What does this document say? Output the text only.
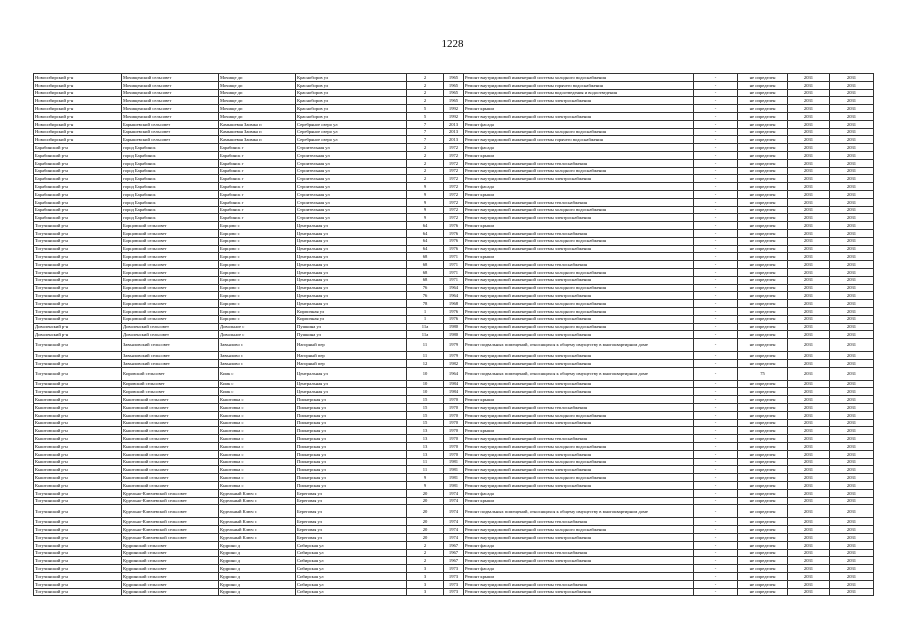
1228
Новосибирский р-н	Мочищенский сельсовет	Мочище дп	Красноборов ул	2	1965	Ремонт внутридомовой инженерной системы холодного водоснабжения	-	не определен	2031	2031
Новосибирский р-н	Мочищенский сельсовет	Мочище дп	Красноборов ул	2	1965	Ремонт внутридомовой инженерной системы горячего водоснабжения	-	не определен	2031	2031
Новосибирский р-н	Мочищенский сельсовет	Мочище дп	Красноборов ул	2	1965	Ремонт внутридомовой инженерной системы водоотведения и водоотведения	-	не определен	2031	2031
Новосибирский р-н	Мочищенский сельсовет	Мочище дп	Красноборов ул	2	1965	Ремонт внутридомовой инженерной системы электроснабжения	-	не определен	2031	2031
Новосибирский р-н	Мочищенский сельсовет	Мочище дп	Красноборов ул	5	1992	Ремонт крыши	-	не определен	2031	2031
Новосибирский р-н	Мочищенский сельсовет	Мочище дп	Красноборов ул	5	1992	Ремонт внутридомовой инженерной системы электроснабжения	-	не определен	2031	2031
Новосибирский р-н	Барышевский сельсовет	Камышевая Заимка п	Серебряное озеро ул	7	2013	Ремонт фасада	-	не определен	2031	2031
Новосибирский р-н	Барышевский сельсовет	Камышевая Заимка п	Серебряное озеро ул	7	2013	Ремонт внутридомовой инженерной системы холодного водоснабжения	-	не определен	2031	2031
Новосибирский р-н	Барышевский сельсовет	Камышевая Заимка п	Серебряное озеро ул	7	2013	Ремонт внутридомовой инженерной системы горячего водоснабжения	-	не определен	2031	2031
Барабинский р-н	город Барабинск	Барабинск г	Строительная ул	2	1972	Ремонт фасада	-	не определен	2031	2031
Барабинский р-н	город Барабинск	Барабинск г	Строительная ул	2	1972	Ремонт крыши	-	не определен	2031	2031
Барабинский р-н	город Барабинск	Барабинск г	Строительная ул	2	1972	Ремонт внутридомовой инженерной системы теплоснабжения	-	не определен	2031	2031
Барабинский р-н	город Барабинск	Барабинск г	Строительная ул	2	1972	Ремонт внутридомовой инженерной системы холодного водоснабжения	-	не определен	2031	2031
Барабинский р-н	город Барабинск	Барабинск г	Строительная ул	2	1972	Ремонт внутридомовой инженерной системы электроснабжения	-	не определен	2031	2031
Барабинский р-н	город Барабинск	Барабинск г	Строительная ул	9	1972	Ремонт фасада	-	не определен	2031	2031
Барабинский р-н	город Барабинск	Барабинск г	Строительная ул	9	1972	Ремонт крыши	-	не определен	2031	2031
Барабинский р-н	город Барабинск	Барабинск г	Строительная ул	9	1972	Ремонт внутридомовой инженерной системы теплоснабжения	-	не определен	2031	2031
Барабинский р-н	город Барабинск	Барабинск г	Строительная ул	9	1972	Ремонт внутридомовой инженерной системы холодного водоснабжения	-	не определен	2031	2031
Барабинский р-н	город Барабинск	Барабинск г	Строительная ул	9	1972	Ремонт внутридомовой инженерной системы электроснабжения	-	не определен	2031	2031
Тогучинский р-н	Борцовский сельсовет	Борцово с	Центральная ул	64	1976	Ремонт крыши	-	не определен	2031	2031
Тогучинский р-н	Борцовский сельсовет	Борцово с	Центральная ул	64	1976	Ремонт внутридомовой инженерной системы теплоснабжения	-	не определен	2031	2031
Тогучинский р-н	Борцовский сельсовет	Борцово с	Центральная ул	64	1976	Ремонт внутридомовой инженерной системы холодного водоснабжения	-	не определен	2031	2031
Тогучинский р-н	Борцовский сельсовет	Борцово с	Центральная ул	64	1976	Ремонт внутридомовой инженерной системы электроснабжения	-	не определен	2031	2031
Тогучинский р-н	Борцовский сельсовет	Борцово с	Центральная ул	68	1971	Ремонт крыши	-	не определен	2031	2031
Тогучинский р-н	Борцовский сельсовет	Борцово с	Центральная ул	68	1971	Ремонт внутридомовой инженерной системы теплоснабжения	-	не определен	2031	2031
Тогучинский р-н	Борцовский сельсовет	Борцово с	Центральная ул	68	1971	Ремонт внутридомовой инженерной системы холодного водоснабжения	-	не определен	2031	2031
Тогучинский р-н	Борцовский сельсовет	Борцово с	Центральная ул	68	1971	Ремонт внутридомовой инженерной системы электроснабжения	-	не определен	2031	2031
Тогучинский р-н	Борцовский сельсовет	Борцово с	Центральная ул	76	1964	Ремонт внутридомовой инженерной системы холодного водоснабжения	-	не определен	2031	2031
Тогучинский р-н	Борцовский сельсовет	Борцово с	Центральная ул	76	1964	Ремонт внутридомовой инженерной системы электроснабжения	-	не определен	2031	2031
Тогучинский р-н	Борцовский сельсовет	Борцово с	Центральная ул	78	1968	Ремонт внутридомовой инженерной системы холодного водоснабжения	-	не определен	2031	2031
Тогучинский р-н	Борцовский сельсовет	Борцово с	Кирпичная ул	1	1976	Ремонт внутридомовой инженерной системы холодного водоснабжения	-	не определен	2031	2031
Тогучинский р-н	Борцовский сельсовет	Борцово с	Кирпичная ул	1	1976	Ремонт внутридомовой инженерной системы электроснабжения	-	не определен	2031	2031
Доволенский р-н	Доволенский сельсовет	Довольное с	Пушкина ул	11а	1980	Ремонт внутридомовой инженерной системы холодного водоснабжения	-	не определен	2031	2031
Доволенский р-н	Доволенский сельсовет	Довольное с	Пушкина ул	11а	1980	Ремонт внутридомовой инженерной системы электроснабжения	-	не определен	2031	2031
Тогучинский р-н	Завьяловский сельсовет	Завьялово с	Нагорный пер	11	1979	Ремонт подвальных помещений, относящихся к общему имуществу в многоквартирном доме	-	не определен	2031	2031
Тогучинский р-н	Завьяловский сельсовет	Завьялово с	Нагорный пер	11	1979	Ремонт внутридомовой инженерной системы электроснабжения	-	не определен	2031	2031
Тогучинский р-н	Завьяловский сельсовет	Завьялово с	Нагорный пер	12	1982	Ремонт внутридомовой инженерной системы электроснабжения	-	не определен	2031	2031
Тогучинский р-н	Кировский сельсовет	Киик с	Центральная ул	10	1964	Ремонт подвальных помещений, относящихся к общему имуществу в многоквартирном доме	-	75	2031	2031
Тогучинский р-н	Кировский сельсовет	Киик с	Центральная ул	10	1984	Ремонт внутридомовой инженерной системы электроснабжения	-	не определен	2031	2031
Тогучинский р-н	Кировский сельсовет	Киик с	Центральная ул	10	1984	Ремонт внутридомовой инженерной системы электроснабжения	-	не определен	2031	2031
Кыштовский р-н	Кыштовский сельсовет	Кыштовка с	Пионерская ул	15	1970	Ремонт крыши	-	не определен	2031	2031
Кыштовский р-н	Кыштовский сельсовет	Кыштовка с	Пионерская ул	15	1970	Ремонт внутридомовой инженерной системы теплоснабжения	-	не определен	2031	2031
Кыштовский р-н	Кыштовский сельсовет	Кыштовка с	Пионерская ул	15	1970	Ремонт внутридомовой инженерной системы холодного водоснабжения	-	не определен	2031	2031
Кыштовский р-н	Кыштовский сельсовет	Кыштовка с	Пионерская ул	15	1970	Ремонт внутридомовой инженерной системы электроснабжения	-	не определен	2031	2031
Кыштовский р-н	Кыштовский сельсовет	Кыштовка с	Пионерская ул	13	1970	Ремонт крыши	-	не определен	2031	2031
Кыштовский р-н	Кыштовский сельсовет	Кыштовка с	Пионерская ул	13	1970	Ремонт внутридомовой инженерной системы теплоснабжения	-	не определен	2031	2031
Кыштовский р-н	Кыштовский сельсовет	Кыштовка с	Пионерская ул	13	1970	Ремонт внутридомовой инженерной системы холодного водоснабжения	-	не определен	2031	2031
Кыштовский р-н	Кыштовский сельсовет	Кыштовка с	Пионерская ул	13	1970	Ремонт внутридомовой инженерной системы электроснабжения	-	не определен	2031	2031
Кыштовский р-н	Кыштовский сельсовет	Кыштовка с	Пионерская ул	11	1981	Ремонт внутридомовой инженерной системы холодного водоснабжения	-	не определен	2031	2031
Кыштовский р-н	Кыштовский сельсовет	Кыштовка с	Пионерская ул	11	1981	Ремонт внутридомовой инженерной системы электроснабжения	-	не определен	2031	2031
Кыштовский р-н	Кыштовский сельсовет	Кыштовка с	Пионерская ул	9	1981	Ремонт внутридомовой инженерной системы холодного водоснабжения	-	не определен	2031	2031
Кыштовский р-н	Кыштовский сельсовет	Кыштовка с	Пионерская ул	9	1981	Ремонт внутридомовой инженерной системы электроснабжения	-	не определен	2031	2031
Тогучинский р-н	Кудельно-Ключевской сельсовет	Кудельный Ключ с	Береговая ул	20	1974	Ремонт фасада	-	не определен	2031	2031
Тогучинский р-н	Кудельно-Ключевской сельсовет	Кудельный Ключ с	Береговая ул	20	1974	Ремонт крыши	-	не определен	2031	2031
Тогучинский р-н	Кудельно-Ключевской сельсовет	Кудельный Ключ с	Береговая ул	20	1974	Ремонт подвальных помещений, относящихся к общему имуществу в многоквартирном доме	-	не определен	2031	2031
Тогучинский р-н	Кудельно-Ключевской сельсовет	Кудельный Ключ с	Береговая ул	20	1974	Ремонт внутридомовой инженерной системы теплоснабжения	-	не определен	2031	2031
Тогучинский р-н	Кудельно-Ключевской сельсовет	Кудельный Ключ с	Береговая ул	20	1974	Ремонт внутридомовой инженерной системы холодного водоснабжения	-	не определен	2031	2031
Тогучинский р-н	Кудельно-Ключевской сельсовет	Кудельный Ключ с	Береговая ул	20	1974	Ремонт внутридомовой инженерной системы электроснабжения	-	не определен	2031	2031
Тогучинский р-н	Кудринский сельсовет	Кудрино д	Сибирская ул	2	1967	Ремонт фасада	-	не определен	2031	2031
Тогучинский р-н	Кудринский сельсовет	Кудрино д	Сибирская ул	2	1967	Ремонт внутридомовой инженерной системы теплоснабжения	-	не определен	2031	2031
Тогучинский р-н	Кудринский сельсовет	Кудрино д	Сибирская ул	2	1967	Ремонт внутридомовой инженерной системы электроснабжения	-	не определен	2031	2031
Тогучинский р-н	Кудринский сельсовет	Кудрино д	Сибирская ул	3	1973	Ремонт фасада	-	не определен	2031	2031
Тогучинский р-н	Кудринский сельсовет	Кудрино д	Сибирская ул	3	1973	Ремонт крыши	-	не определен	2031	2031
Тогучинский р-н	Кудринский сельсовет	Кудрино д	Сибирская ул	3	1973	Ремонт внутридомовой инженерной системы теплоснабжения	-	не определен	2031	2031
Тогучинский р-н	Кудринский сельсовет	Кудрино д	Сибирская ул	3	1973	Ремонт внутридомовой инженерной системы электроснабжения	-	не определен	2031	2031
